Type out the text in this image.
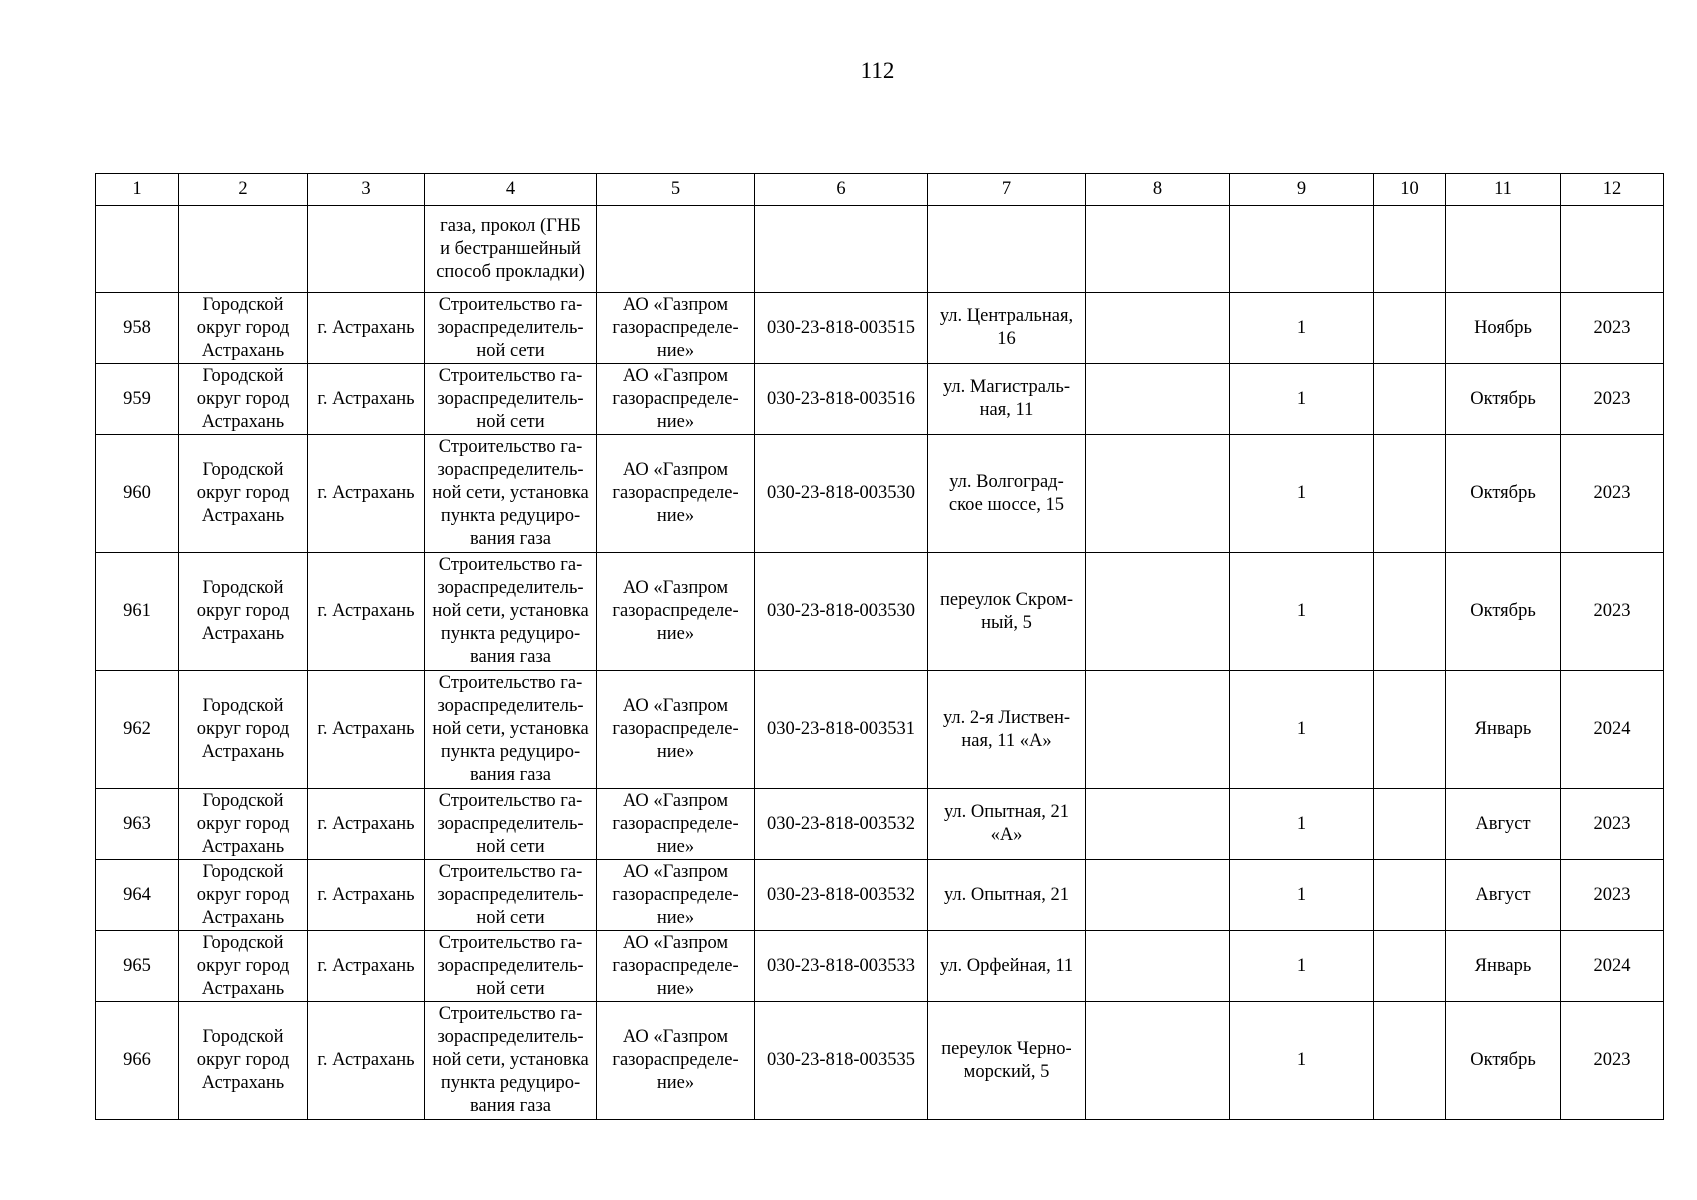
112
1	2	3	4	5	6	7	8	9	10	11	12
			газа, прокол (ГНБ
и бестраншейный
способ прокладки)								
958	Городской
округ город
Астрахань	г. Астрахань	Строительство га-
зораспределитель-
ной сети	АО «Газпром
газораспределе-
ние»	030-23-818-003515	ул. Центральная,
16		1		Ноябрь	2023
959	Городской
округ город
Астрахань	г. Астрахань	Строительство га-
зораспределитель-
ной сети	АО «Газпром
газораспределе-
ние»	030-23-818-003516	ул. Магистраль-
ная, 11		1		Октябрь	2023
960	Городской
округ город
Астрахань	г. Астрахань	Строительство га-
зораспределитель-
ной сети, установка
пункта редуциро-
вания газа	АО «Газпром
газораспределе-
ние»	030-23-818-003530	ул. Волгоград-
ское шоссе, 15		1		Октябрь	2023
961	Городской
округ город
Астрахань	г. Астрахань	Строительство га-
зораспределитель-
ной сети, установка
пункта редуциро-
вания газа	АО «Газпром
газораспределе-
ние»	030-23-818-003530	переулок Скром-
ный, 5		1		Октябрь	2023
962	Городской
округ город
Астрахань	г. Астрахань	Строительство га-
зораспределитель-
ной сети, установка
пункта редуциро-
вания газа	АО «Газпром
газораспределе-
ние»	030-23-818-003531	ул. 2-я Листвен-
ная, 11 «А»		1		Январь	2024
963	Городской
округ город
Астрахань	г. Астрахань	Строительство га-
зораспределитель-
ной сети	АО «Газпром
газораспределе-
ние»	030-23-818-003532	ул. Опытная, 21
«А»		1		Август	2023
964	Городской
округ город
Астрахань	г. Астрахань	Строительство га-
зораспределитель-
ной сети	АО «Газпром
газораспределе-
ние»	030-23-818-003532	ул. Опытная, 21		1		Август	2023
965	Городской
округ город
Астрахань	г. Астрахань	Строительство га-
зораспределитель-
ной сети	АО «Газпром
газораспределе-
ние»	030-23-818-003533	ул. Орфейная, 11		1		Январь	2024
966	Городской
округ город
Астрахань	г. Астрахань	Строительство га-
зораспределитель-
ной сети, установка
пункта редуциро-
вания газа	АО «Газпром
газораспределе-
ние»	030-23-818-003535	переулок Черно-
морский, 5		1		Октябрь	2023
